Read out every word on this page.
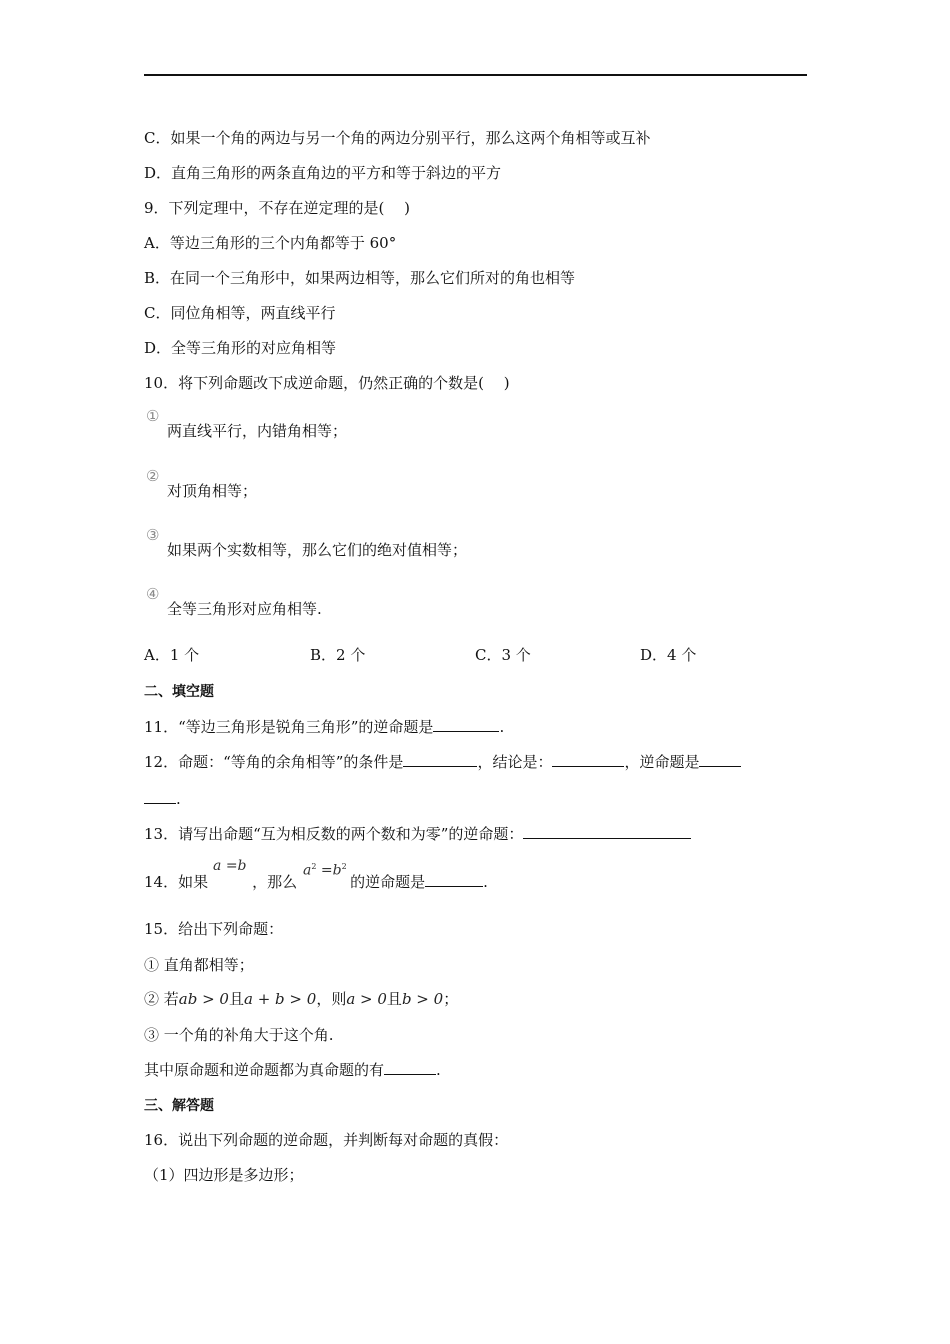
C．如果一个角的两边与另一个角的两边分别平行，那么这两个角相等或互补
D．直角三角形的两条直角边的平方和等于斜边的平方
9．下列定理中，不存在逆定理的是(　 )
A．等边三角形的三个内角都等于 60°
B．在同一个三角形中，如果两边相等，那么它们所对的角也相等
C．同位角相等，两直线平行
D．全等三角形的对应角相等
10．将下列命题改下成逆命题，仍然正确的个数是(　 )
①
两直线平行，内错角相等；
②
对顶角相等；
③
如果两个实数相等，那么它们的绝对值相等；
④
全等三角形对应角相等.
A．1 个	B．2 个	C．3 个	D．4 个
二、填空题
11．“等边三角形是锐角三角形”的逆命题是	.
12．命题：“等角的余角相等”的条件是	，结论是：	，逆命题是
.
13．请写出命题“互为相反数的两个数和为零”的逆命题：
a =b	$a^2 =b^2$
14．如果	，那么	的逆命题是	.
15．给出下列命题：
① 直角都相等；
② 若ab > 0且a + b > 0，则a > 0且b > 0；
③ 一个角的补角大于这个角.
其中原命题和逆命题都为真命题的有	.
三、解答题
16．说出下列命题的逆命题，并判断每对命题的真假：
（1）四边形是多边形；
